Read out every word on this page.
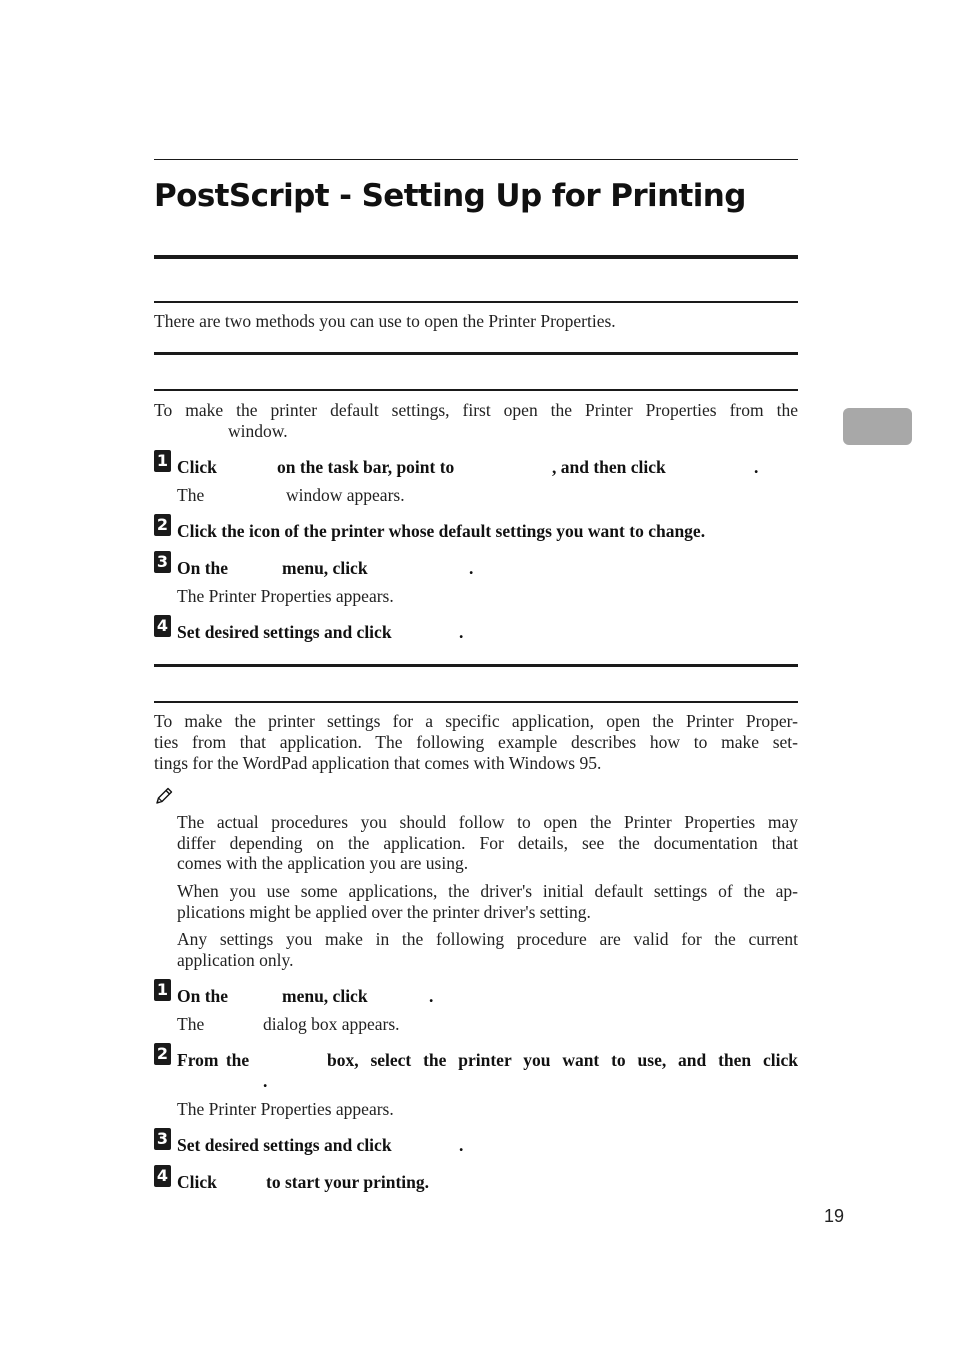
PostScript - Setting Up for Printing
There are two methods you can use to open the Printer Properties.
To make the printer default settings, first open the Printer Properties from the
window.
1 Click	on the task bar, point to	, and then click	.
The	window appears.
2 Click the icon of the printer whose default settings you want to change.
3 On the	menu, click	.
The Printer Properties appears.
4 Set desired settings and click	.
To make the printer settings for a specific application, open the Printer Proper-
ties from that application. The following example describes how to make set-
tings for the WordPad application that comes with Windows 95.
The actual procedures you should follow to open the Printer Properties may
differ depending on the application. For details, see the documentation that
comes with the application you are using.
When you use some applications, the driver's initial default settings of the ap-
plications might be applied over the printer driver's setting.
Any settings you make in the following procedure are valid for the current
application only.
1 On the	menu, click	.
The	dialog box appears.
2 From the	box, select the printer you want to use, and then click
.
The Printer Properties appears.
3 Set desired settings and click	.
4 Click	to start your printing.
19
